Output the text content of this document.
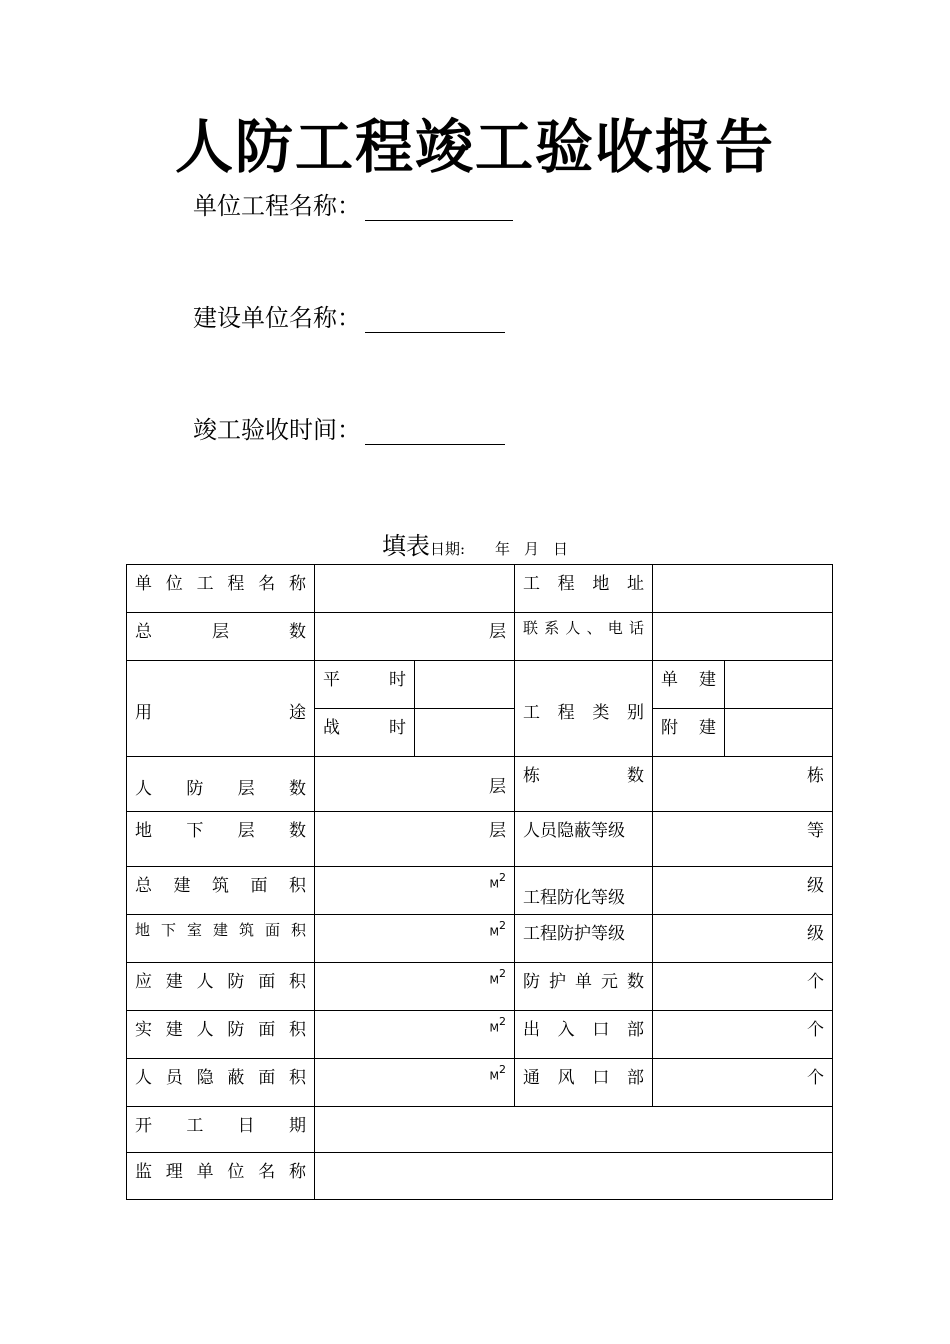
人防工程竣工验收报告
单位工程名称：
建设单位名称：
竣工验收时间：
填表日期: 年 月 日
单位工程名称			工程地址		
总层数	层		联系人、电话		
用途	平时		工程类别	单建	
	战时			附建	
人防层数	层		栋数	栋	
地下层数	层		人员隐蔽等级	等	
总建筑面积	$M^2$		工程防化等级	级	
地下室建筑面积	$M^2$		工程防护等级	级	
应建人防面积	$M^2$		防护单元数	个	
实建人防面积	$M^2$		出入口部	个	
人员隐蔽面积	$M^2$		通风口部	个	
开工日期					
监理单位名称					
